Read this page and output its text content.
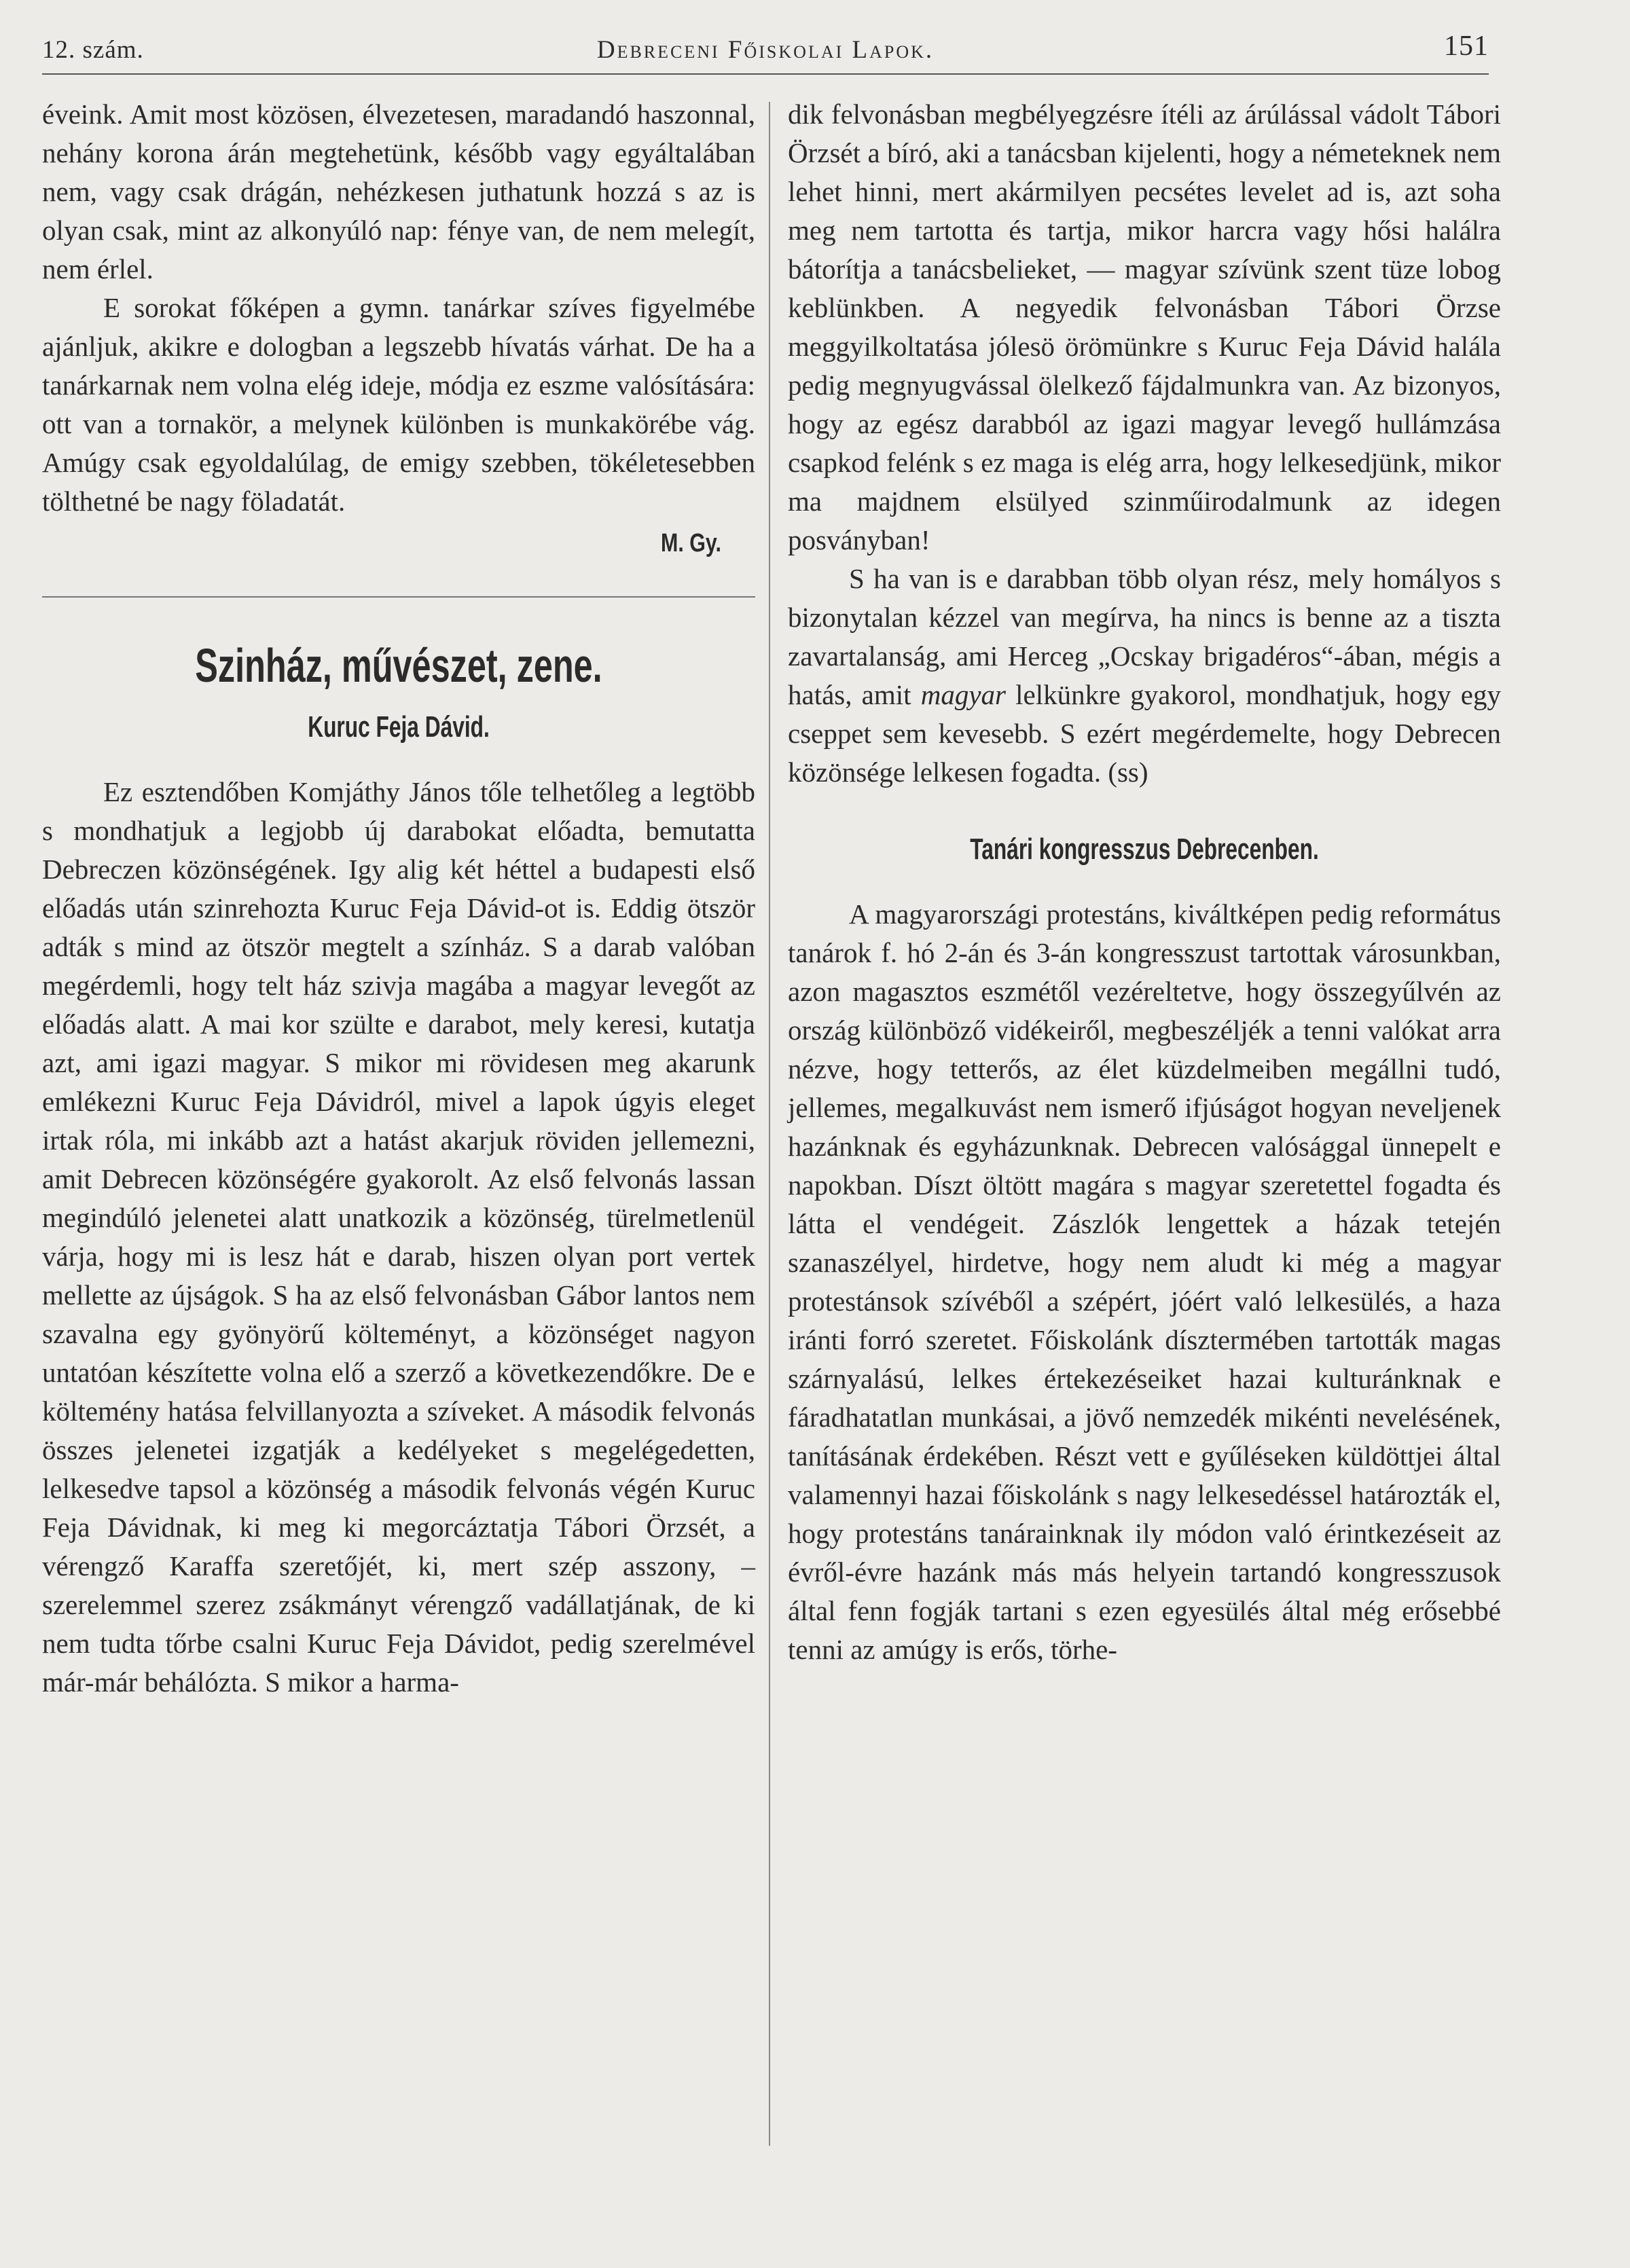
12. szám.	Debreceni Főiskolai Lapok.	151

éveink. Amit most közösen, élvezetesen, maradandó haszonnal, nehány korona árán megtehetünk, később vagy egyáltalában nem, vagy csak drágán, nehézkesen juthatunk hozzá s az is olyan csak, mint az alkonyúló nap: fénye van, de nem melegít, nem érlel.

E sorokat főképen a gymn. tanárkar szíves figyelmébe ajánljuk, akikre e dologban a legszebb hívatás várhat. De ha a tanárkarnak nem volna elég ideje, módja ez eszme valósítására: ott van a tornakör, a melynek különben is munkakörébe vág. Amúgy csak egyoldalúlag, de emigy szebben, tökéletesebben tölthetné be nagy föladatát.

M. Gy.
Szinház, művészet, zene.
Kuruc Feja Dávid.

Ez esztendőben Komjáthy János tőle telhetőleg a legtöbb s mondhatjuk a legjobb új darabokat előadta, bemutatta Debreczen közönségének. Igy alig két héttel a budapesti első előadás után szinrehozta Kuruc Feja Dávid-ot is. Eddig ötször adták s mind az ötször megtelt a színház. S a darab valóban megérdemli, hogy telt ház szivja magába a magyar levegőt az előadás alatt. A mai kor szülte e darabot, mely keresi, kutatja azt, ami igazi magyar. S mikor mi rövidesen meg akarunk emlékezni Kuruc Feja Dávidról, mivel a lapok úgyis eleget irtak róla, mi inkább azt a hatást akarjuk röviden jellemezni, amit Debrecen közönségére gyakorolt. Az első felvonás lassan megindúló jelenetei alatt unatkozik a közönség, türelmetlenül várja, hogy mi is lesz hát e darab, hiszen olyan port vertek mellette az újságok. S ha az első felvonásban Gábor lantos nem szavalna egy gyönyörű költeményt, a közönséget nagyon untatóan készítette volna elő a szerző a következendőkre. De e költemény hatása felvillanyozta a szíveket. A második felvonás összes jelenetei izgatják a kedélyeket s megelégedetten, lelkesedve tapsol a közönség a második felvonás végén Kuruc Feja Dávidnak, ki meg ki megorcáztatja Tábori Örzsét, a vérengző Karaffa szeretőjét, ki, mert szép asszony, – szerelemmel szerez zsákmányt vérengző vadállatjának, de ki nem tudta tőrbe csalni Kuruc Feja Dávidot, pedig szerelmével már-már behálózta. S mikor a harma-

dik felvonásban megbélyegzésre ítéli az árúlással vádolt Tábori Örzsét a bíró, aki a tanácsban kijelenti, hogy a németeknek nem lehet hinni, mert akármilyen pecsétes levelet ad is, azt soha meg nem tartotta és tartja, mikor harcra vagy hősi halálra bátorítja a tanácsbelieket, — magyar szívünk szent tüze lobog keblünkben. A negyedik felvonásban Tábori Örzse meggyilkoltatása jólesö örömünkre s Kuruc Feja Dávid halála pedig megnyugvással ölelkező fájdalmunkra van. Az bizonyos, hogy az egész darabból az igazi magyar levegő hullámzása csapkod felénk s ez maga is elég arra, hogy lelkesedjünk, mikor ma majdnem elsülyed szinműirodalmunk az idegen posványban!

S ha van is e darabban több olyan rész, mely homályos s bizonytalan kézzel van megírva, ha nincs is benne az a tiszta zavartalanság, ami Herceg „Ocskay brigadéros“-ában, mégis a hatás, amit magyar lelkünkre gyakorol, mondhatjuk, hogy egy cseppet sem kevesebb. S ezért megérdemelte, hogy Debrecen közönsége lelkesen fogadta. (ss)

Tanári kongresszus Debrecenben.

A magyarországi protestáns, kiváltképen pedig református tanárok f. hó 2-án és 3-án kongresszust tartottak városunkban, azon magasztos eszmétől vezéreltetve, hogy összegyűlvén az ország különböző vidékeiről, megbeszéljék a tenni valókat arra nézve, hogy tetterős, az élet küzdelmeiben megállni tudó, jellemes, megalkuvást nem ismerő ifjúságot hogyan neveljenek hazánknak és egyházunknak. Debrecen valósággal ünnepelt e napokban. Díszt öltött magára s magyar szeretettel fogadta és látta el vendégeit. Zászlók lengettek a házak tetején szanaszélyel, hirdetve, hogy nem aludt ki még a magyar protestánsok szívéből a szépért, jóért való lelkesülés, a haza iránti forró szeretet. Főiskolánk dísztermében tartották magas szárnyalású, lelkes értekezéseiket hazai kulturánknak e fáradhatatlan munkásai, a jövő nemzedék mikénti nevelésének, tanításának érdekében. Részt vett e gyűléseken küldöttjei által valamennyi hazai főiskolánk s nagy lelkesedéssel határozták el, hogy protestáns tanárainknak ily módon való érintkezéseit az évről-évre hazánk más más helyein tartandó kongresszusok által fenn fogják tartani s ezen egyesülés által még erősebbé tenni az amúgy is erős, törhe-
